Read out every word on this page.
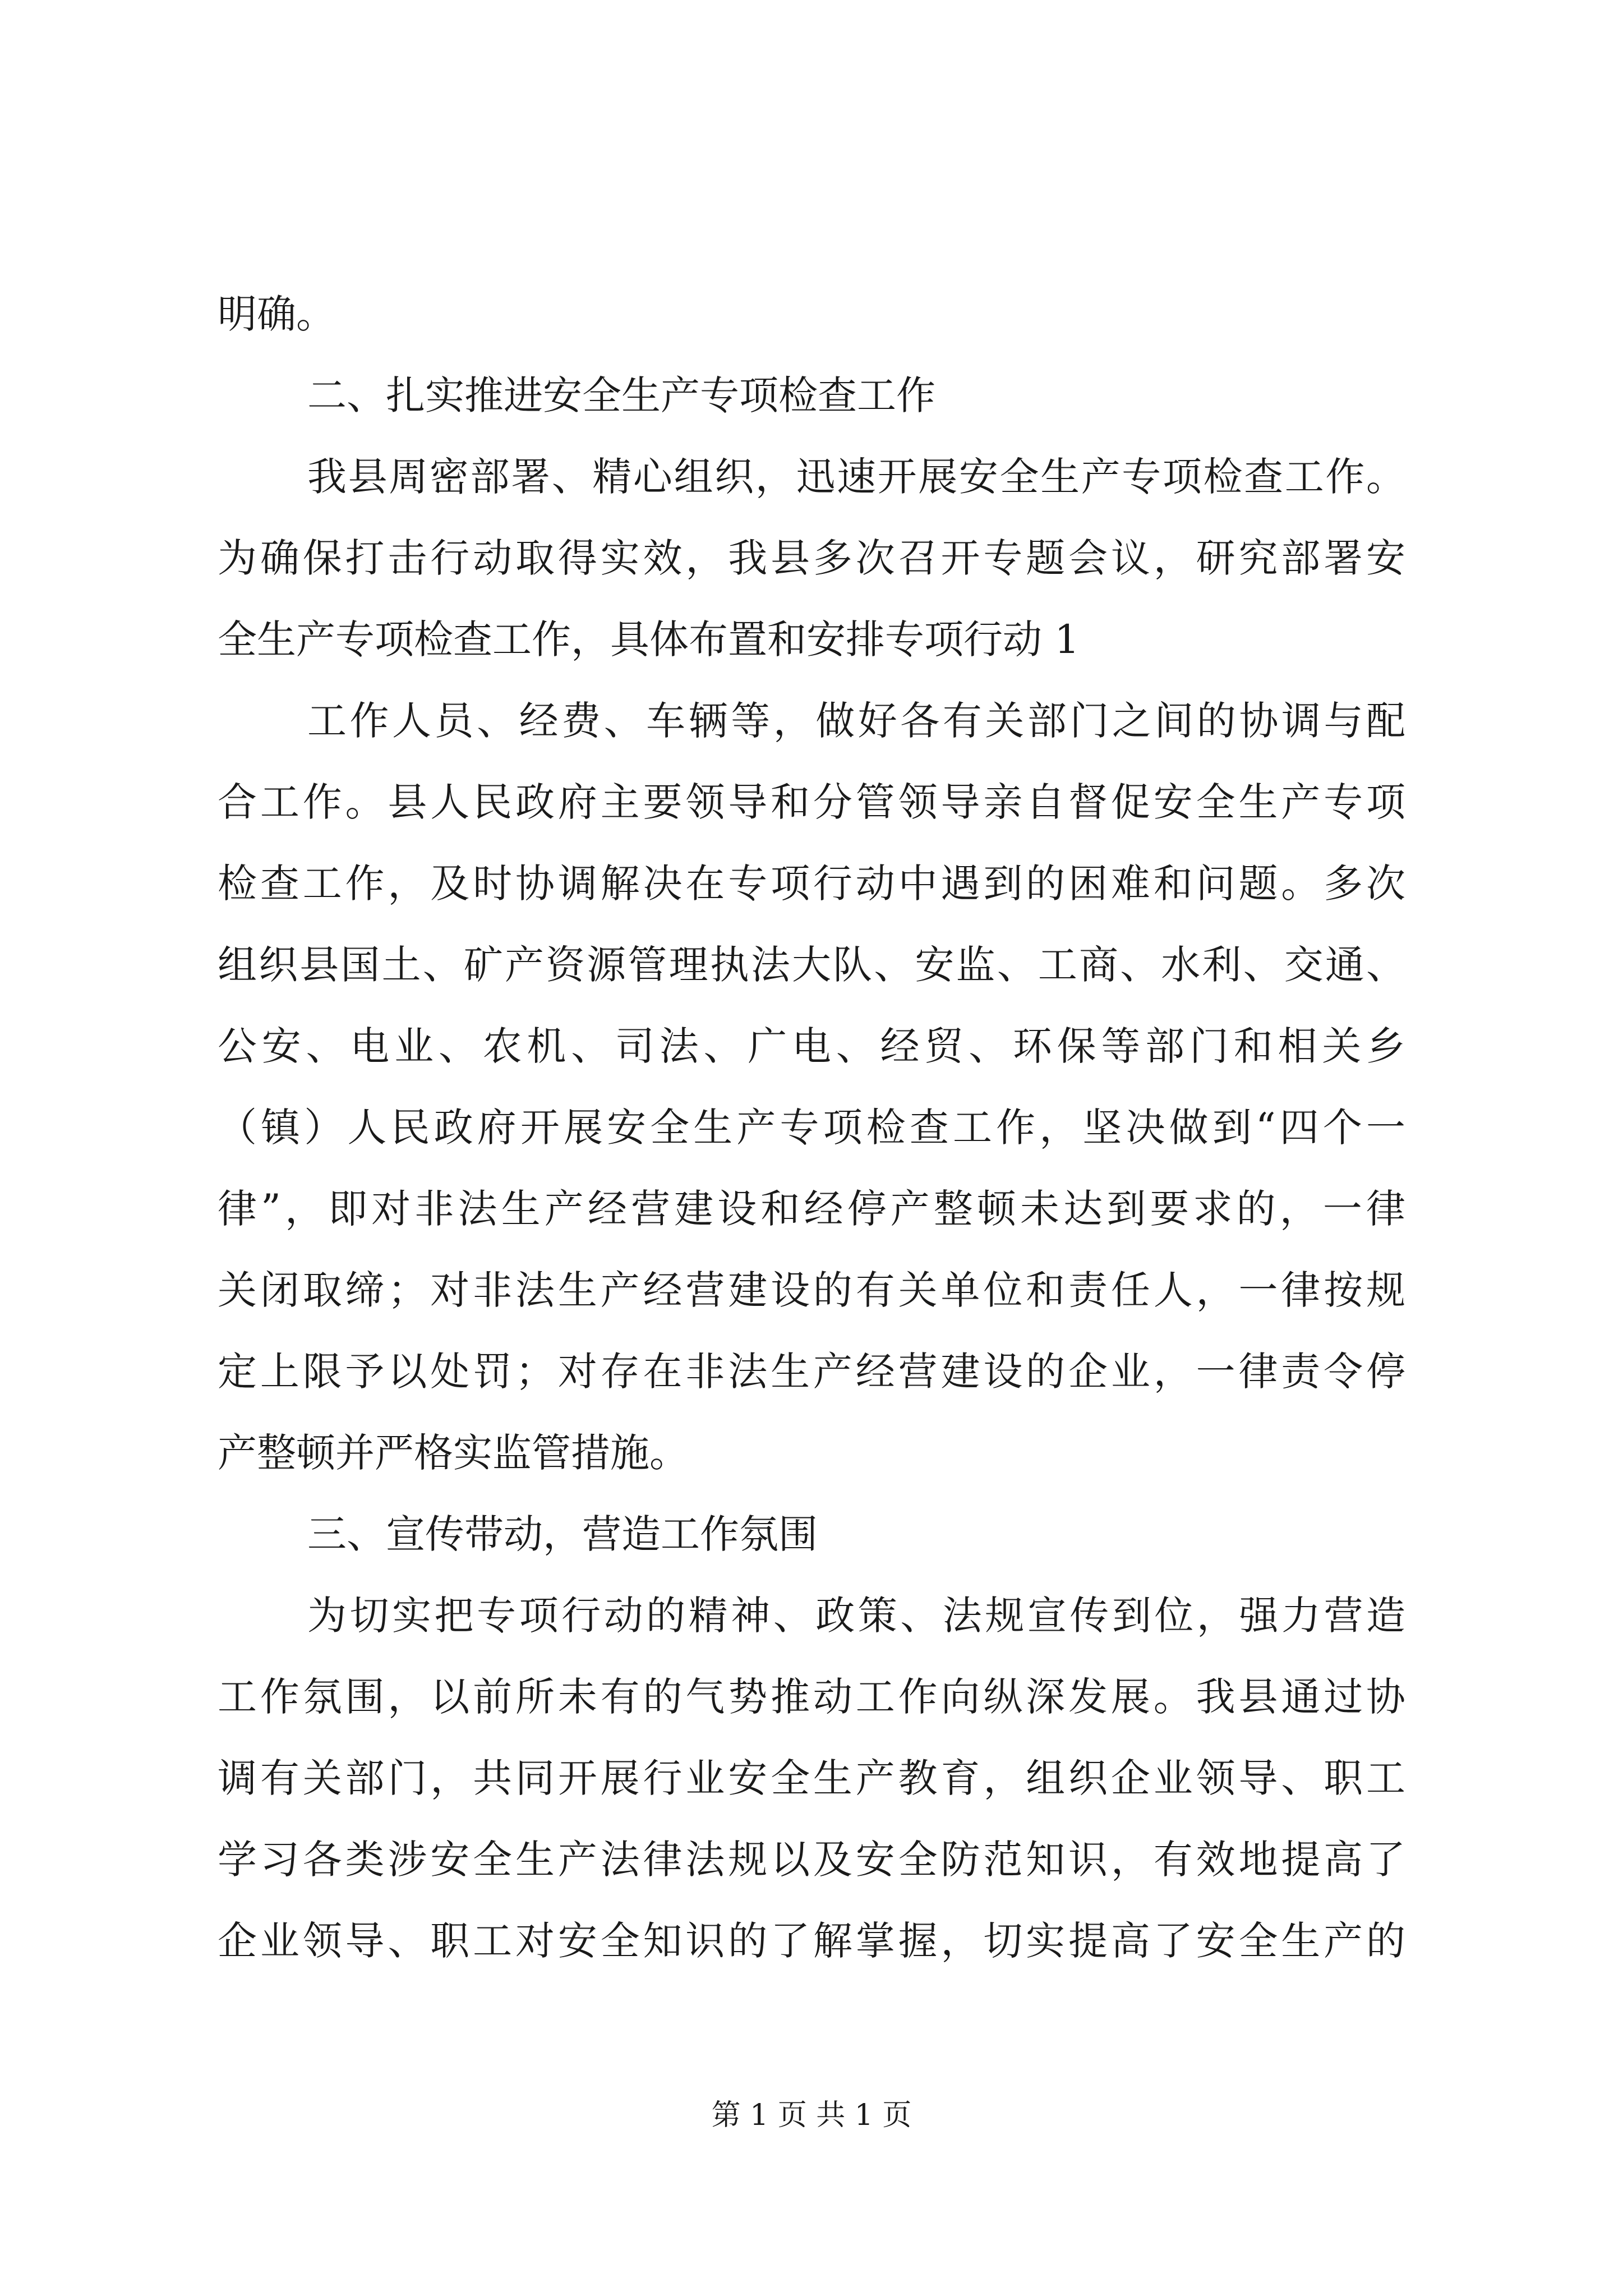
明确。
二、扎实推进安全生产专项检查工作
我县周密部署、精心组织，迅速开展安全生产专项检查工作。
为确保打击行动取得实效，我县多次召开专题会议，研究部署安
全生产专项检查工作，具体布置和安排专项行动 1
工作人员、经费、车辆等，做好各有关部门之间的协调与配
合工作。县人民政府主要领导和分管领导亲自督促安全生产专项
检查工作，及时协调解决在专项行动中遇到的困难和问题。多次
组织县国土、矿产资源管理执法大队、安监、工商、水利、交通、
公安、电业、农机、司法、广电、经贸、环保等部门和相关乡
（镇）人民政府开展安全生产专项检查工作，坚决做到“四个一
律”，即对非法生产经营建设和经停产整顿未达到要求的，一律
关闭取缔；对非法生产经营建设的有关单位和责任人，一律按规
定上限予以处罚；对存在非法生产经营建设的企业，一律责令停
产整顿并严格实监管措施。
三、宣传带动，营造工作氛围
为切实把专项行动的精神、政策、法规宣传到位，强力营造
工作氛围，以前所未有的气势推动工作向纵深发展。我县通过协
调有关部门，共同开展行业安全生产教育，组织企业领导、职工
学习各类涉安全生产法律法规以及安全防范知识，有效地提高了
企业领导、职工对安全知识的了解掌握，切实提高了安全生产的
第 1 页 共 1 页
